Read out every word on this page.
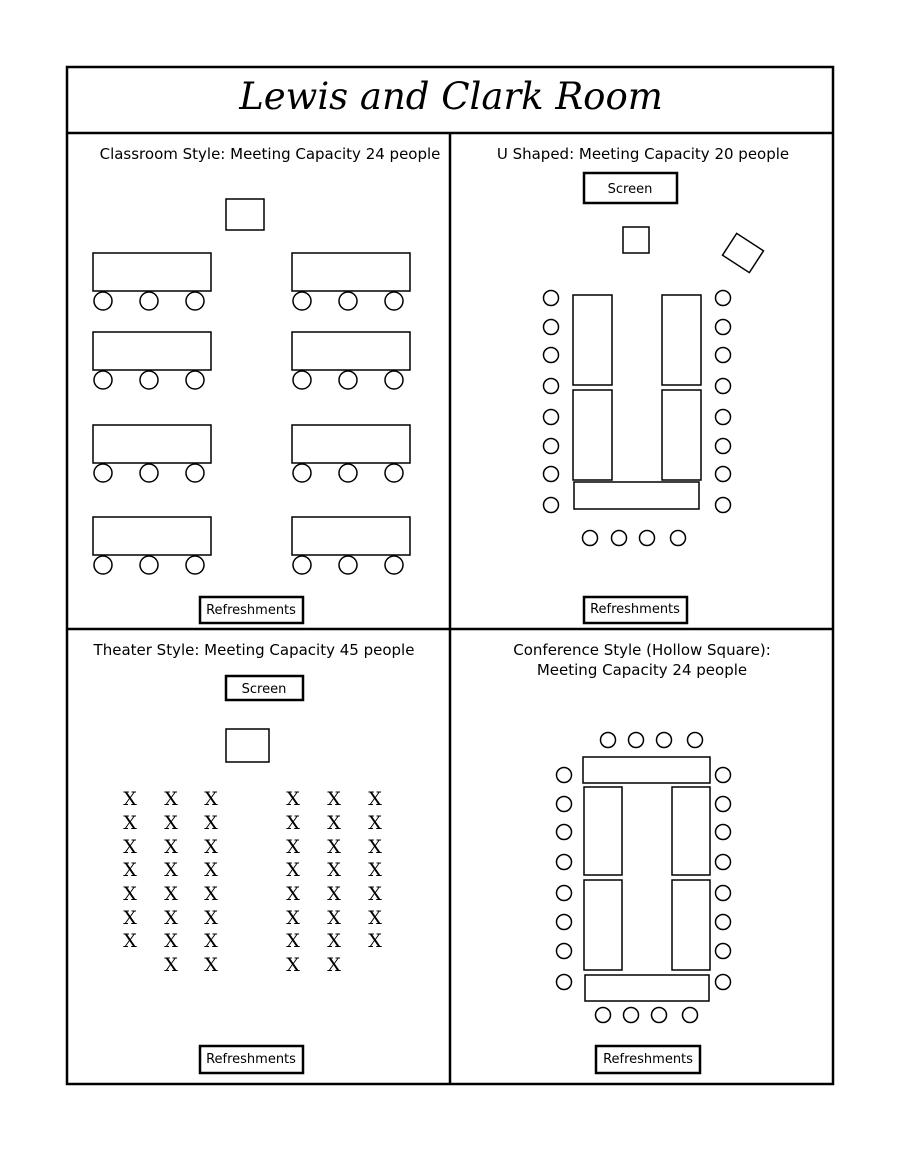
Lewis and Clark Room
Classroom Style: Meeting Capacity 24 people
Refreshments
U Shaped: Meeting Capacity 20 people
Screen
Refreshments
Theater Style: Meeting Capacity 45 people
Screen
X X X	X X X
X X X	X X X
X X X	X X X
X X X	X X X
X X X	X X X
X X X	X X X
X X X	X X X
X X	X X
Refreshments
Conference Style (Hollow Square):
Meeting Capacity 24 people
Refreshments
